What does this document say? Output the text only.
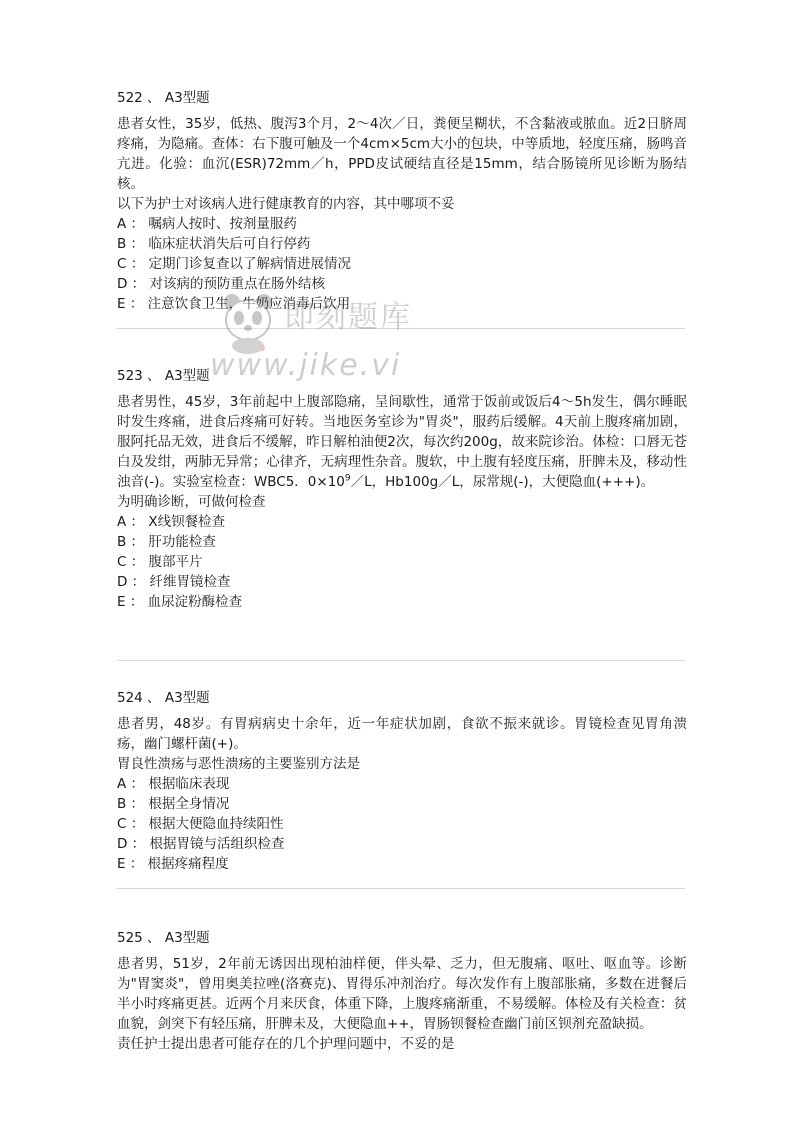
522 、 A3型题

患者女性，35岁，低热、腹泻3个月，2～4次／日，粪便呈糊状，不含黏液或脓血。近2日脐周疼痛，为隐痛。查体：右下腹可触及一个4cm×5cm大小的包块，中等质地，轻度压痛，肠鸣音亢进。化验：血沉(ESR)72mm／h，PPD皮试硬结直径是15mm，结合肠镜所见诊断为肠结核。

以下为护士对该病人进行健康教育的内容，其中哪项不妥
A ： 嘱病人按时、按剂量服药
B ： 临床症状消失后可自行停药
C ： 定期门诊复查以了解病情进展情况
D ： 对该病的预防重点在肠外结核
E ： 注意饮食卫生，牛奶应消毒后饮用
523 、 A3型题

患者男性，45岁，3年前起中上腹部隐痛，呈间歇性，通常于饭前或饭后4～5h发生，偶尔睡眠时发生疼痛，进食后疼痛可好转。当地医务室诊为"胃炎"，服药后缓解。4天前上腹疼痛加剧，服阿托品无效，进食后不缓解，昨日解柏油便2次，每次约200g，故来院诊治。体检：口唇无苍白及发绀，两肺无异常；心律齐，无病理性杂音。腹软，中上腹有轻度压痛，肝脾未及，移动性浊音(-)。实验室检查：WBC5．$0\times 10^9/L$，Hb100g／L，尿常规(-)，大便隐血(+++)。

为明确诊断，可做何检查
A ： X线钡餐检查
B ： 肝功能检查
C ： 腹部平片
D ： 纤维胃镜检查
E ： 血尿淀粉酶检查
524 、 A3型题

患者男，48岁。有胃病病史十余年，近一年症状加剧，食欲不振来就诊。胃镜检查见胃角溃疡，幽门螺杆菌(+)。

胃良性溃疡与恶性溃疡的主要鉴别方法是
A ： 根据临床表现
B ： 根据全身情况
C ： 根据大便隐血持续阳性
D ： 根据胃镜与活组织检查
E ： 根据疼痛程度
525 、 A3型题

患者男，51岁，2年前无诱因出现柏油样便，伴头晕、乏力，但无腹痛、呕吐、呕血等。诊断为"胃窦炎"，曾用奥美拉唑(洛赛克)、胃得乐冲剂治疗。每次发作有上腹部胀痛，多数在进餐后半小时疼痛更甚。近两个月来厌食，体重下降，上腹疼痛渐重，不易缓解。体检及有关检查：贫血貌，剑突下有轻压痛，肝脾未及，大便隐血++，胃肠钡餐检查幽门前区钡剂充盈缺损。

责任护士提出患者可能存在的几个护理问题中，不妥的是
即刻题库
www.jike.vi
